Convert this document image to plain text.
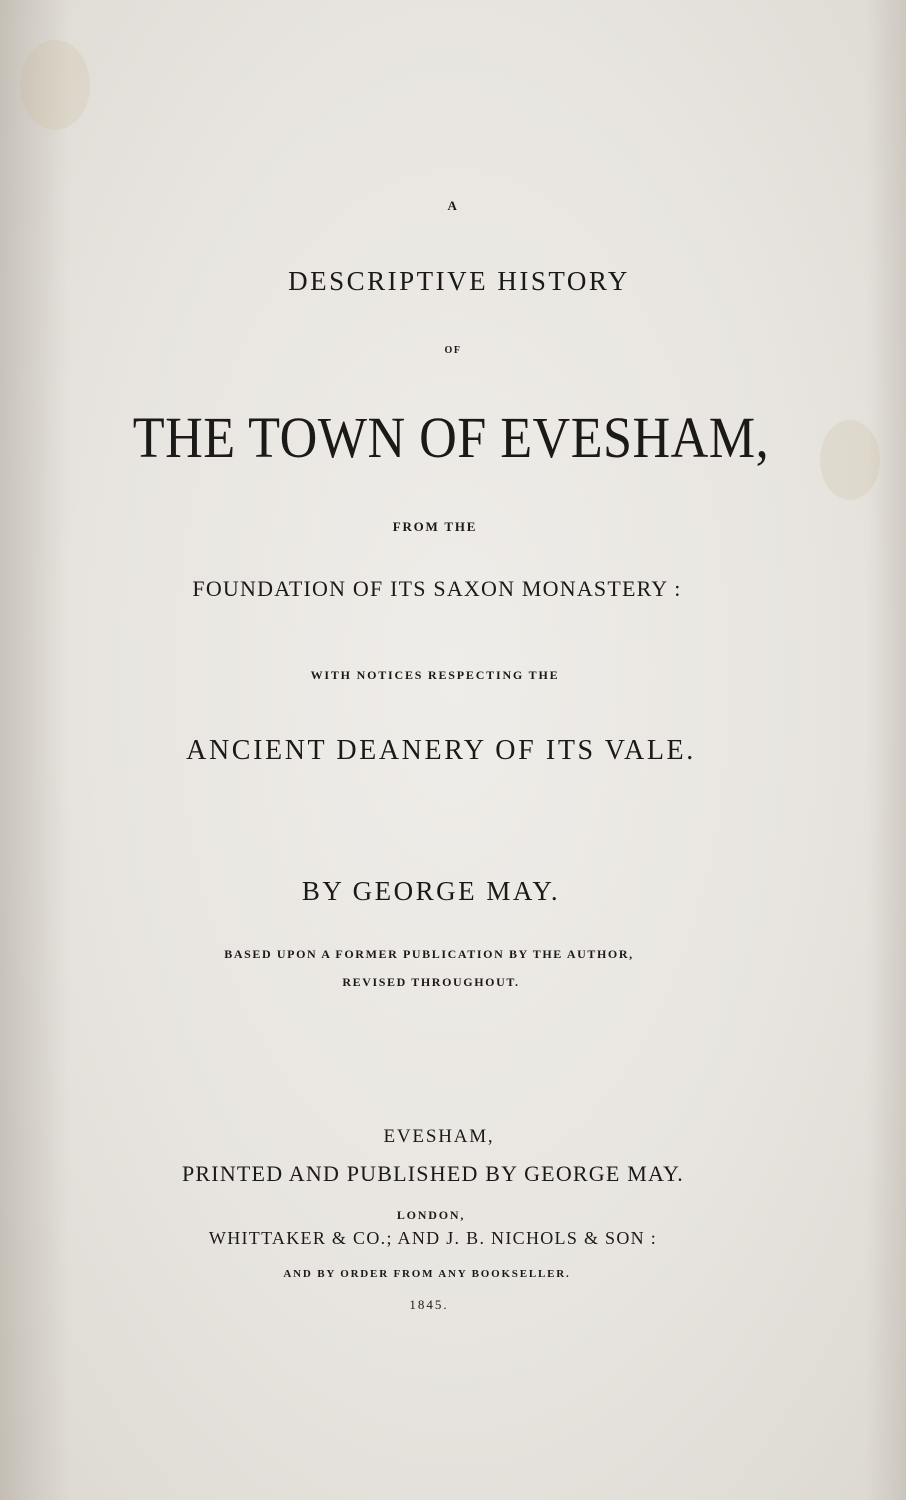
A
DESCRIPTIVE HISTORY
OF
THE TOWN OF EVESHAM,
FROM THE
FOUNDATION OF ITS SAXON MONASTERY :
WITH NOTICES RESPECTING THE
ANCIENT DEANERY OF ITS VALE.
BY GEORGE MAY.
BASED UPON A FORMER PUBLICATION BY THE AUTHOR,
REVISED THROUGHOUT.
EVESHAM,
PRINTED AND PUBLISHED BY GEORGE MAY.
LONDON,
WHITTAKER & CO.; AND J. B. NICHOLS & SON :
AND BY ORDER FROM ANY BOOKSELLER.
1845.
